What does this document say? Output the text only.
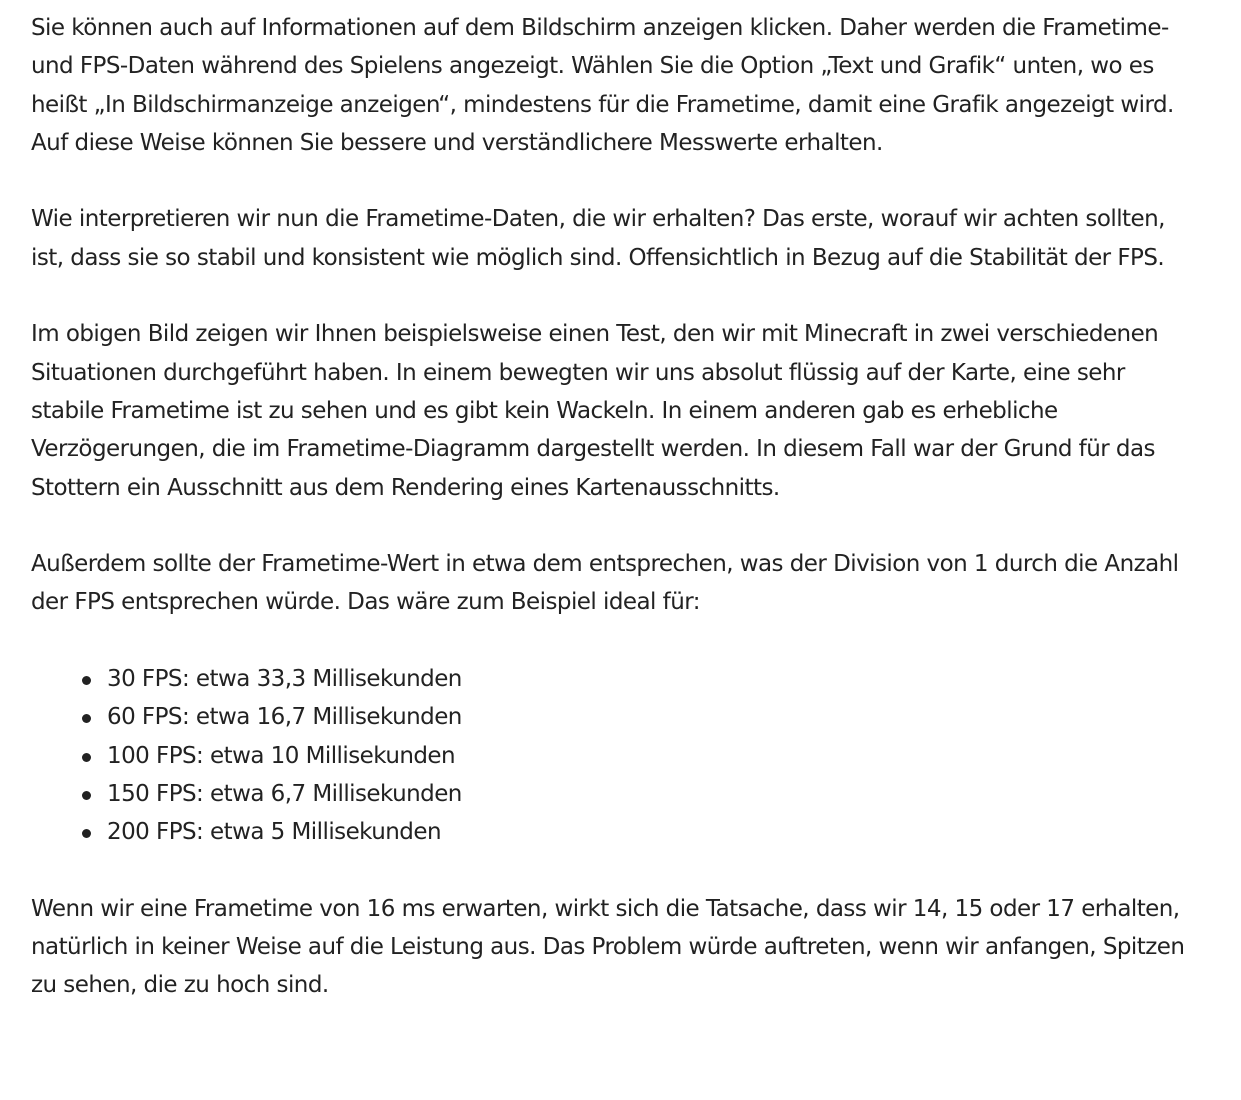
Sie können auch auf Informationen auf dem Bildschirm anzeigen klicken. Daher werden die Frametime- und FPS-Daten während des Spielens angezeigt. Wählen Sie die Option „Text und Grafik“ unten, wo es heißt „In Bildschirmanzeige anzeigen“, mindestens für die Frametime, damit eine Grafik angezeigt wird. Auf diese Weise können Sie bessere und verständlichere Messwerte erhalten.

Wie interpretieren wir nun die Frametime-Daten, die wir erhalten? Das erste, worauf wir achten sollten, ist, dass sie so stabil und konsistent wie möglich sind. Offensichtlich in Bezug auf die Stabilität der FPS.

Im obigen Bild zeigen wir Ihnen beispielsweise einen Test, den wir mit Minecraft in zwei verschiedenen Situationen durchgeführt haben. In einem bewegten wir uns absolut flüssig auf der Karte, eine sehr stabile Frametime ist zu sehen und es gibt kein Wackeln. In einem anderen gab es erhebliche Verzögerungen, die im Frametime-Diagramm dargestellt werden. In diesem Fall war der Grund für das Stottern ein Ausschnitt aus dem Rendering eines Kartenausschnitts.

Außerdem sollte der Frametime-Wert in etwa dem entsprechen, was der Division von 1 durch die Anzahl der FPS entsprechen würde. Das wäre zum Beispiel ideal für:

30 FPS: etwa 33,3 Millisekunden
60 FPS: etwa 16,7 Millisekunden
100 FPS: etwa 10 Millisekunden
150 FPS: etwa 6,7 Millisekunden
200 FPS: etwa 5 Millisekunden

Wenn wir eine Frametime von 16 ms erwarten, wirkt sich die Tatsache, dass wir 14, 15 oder 17 erhalten, natürlich in keiner Weise auf die Leistung aus. Das Problem würde auftreten, wenn wir anfangen, Spitzen zu sehen, die zu hoch sind.
